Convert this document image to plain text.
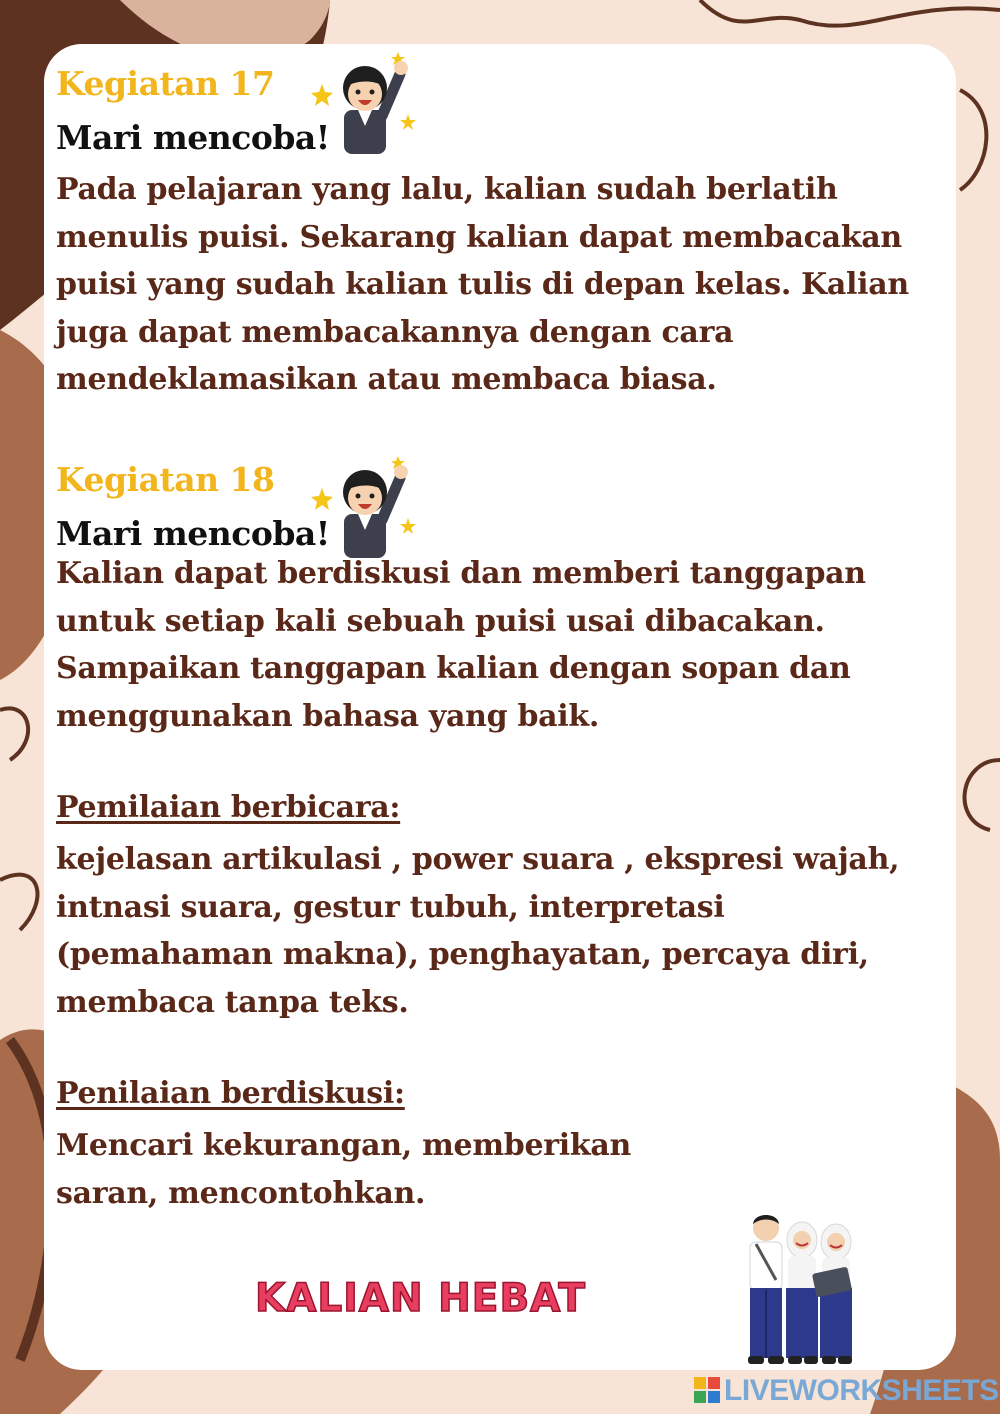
Kegiatan 17
Mari mencoba!
Pada pelajaran yang lalu, kalian sudah berlatih menulis puisi. Sekarang kalian dapat membacakan puisi yang sudah kalian tulis di depan kelas. Kalian juga dapat membacakannya dengan cara mendeklamasikan atau membaca biasa.
Kegiatan 18
Mari mencoba!
Kalian dapat berdiskusi dan memberi tanggapan untuk setiap kali sebuah puisi usai dibacakan. Sampaikan tanggapan kalian dengan sopan dan menggunakan bahasa yang baik.
Pemilaian berbicara:
kejelasan artikulasi , power suara , ekspresi wajah, intnasi suara, gestur tubuh, interpretasi (pemahaman makna), penghayatan, percaya diri, membaca tanpa teks.
Penilaian berdiskusi:
Mencari kekurangan, memberikan saran, mencontohkan.
KALIAN HEBAT
LIVEWORKSHEETS
